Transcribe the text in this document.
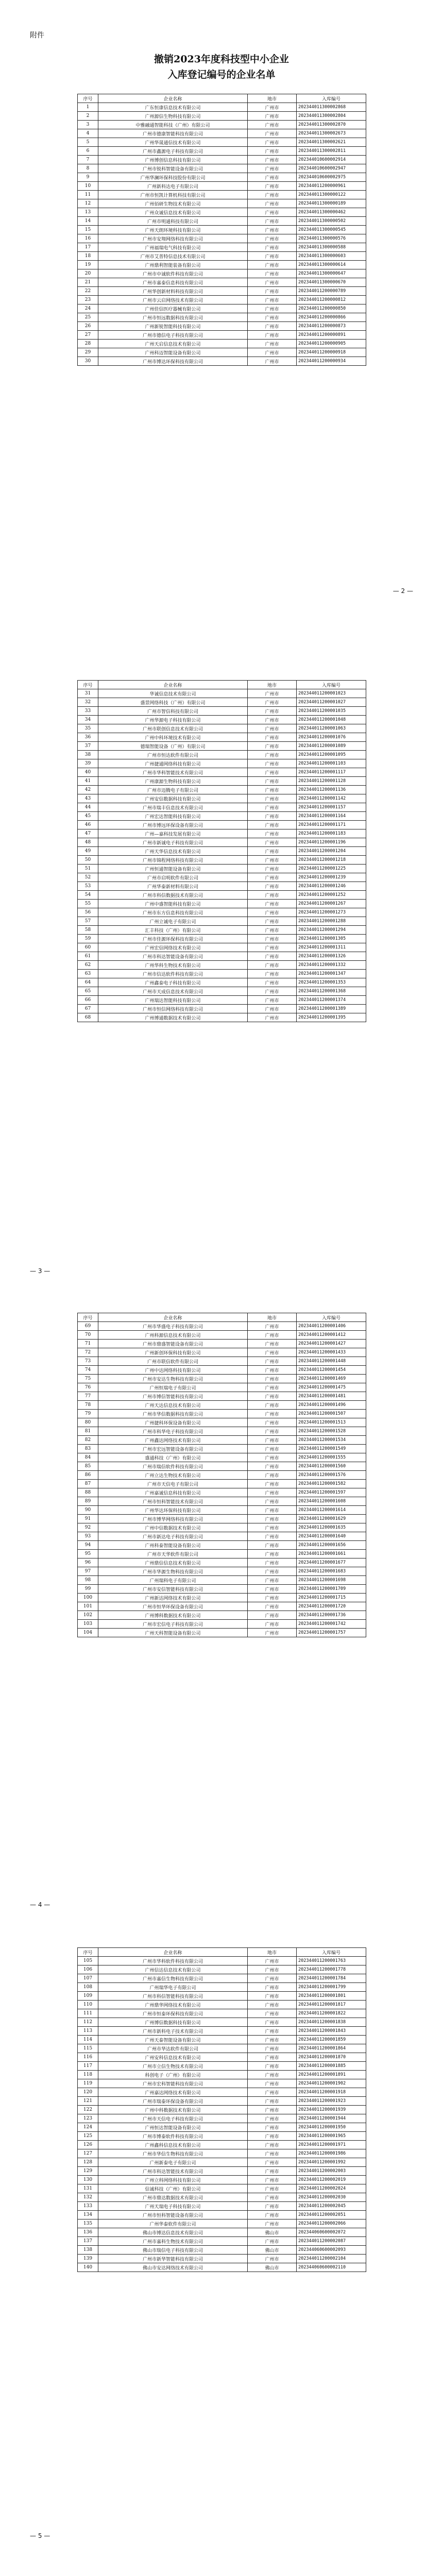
附件
撤销2023年度科技型中小企业
入库登记编号的企业名单
序号	企业名称	地市	入库编号
1	广东恒康信息技术有限公司	广州市	202344011300002868
2	广州源信生物科技有限公司	广州市	202344011300002804
3	中雅融通智能科技（广州）有限公司	广州市	202344011300002870
4	广州市德康智能科技有限公司	广州市	202344011300002673
5	广州华晟通信技术有限公司	广州市	202344011300002621
6	广州市鑫源电子科技有限公司	广州市	202344011300002811
7	广州博创信息科技有限公司	广州市	202344010600002914
8	广州市锐科智能设备有限公司	广州市	202344010600002947
9	广州华澜环保科技股份有限公司	广州市	202344010600002975
10	广州新科达电子有限公司	广州市	202344011200000961
11	广州市恒凯计算机科技有限公司	广州市	202344011300000122
12	广州佰研生物技术有限公司	广州市	202344011300000189
13	广州众诚信息技术有限公司	广州市	202344011300000462
14	广州市明通科技有限公司	广州市	202344011300000502
15	广州天朗环境科技有限公司	广州市	202344011300000545
16	广州市安翔网络科技有限公司	广州市	202344011300000576
17	广州福瑞电气科技有限公司	广州市	202344011300000588
18	广州市艾普特信息技术有限公司	广州市	202344011300000603
19	广州鼎利智能装备有限公司	广州市	202344011300000614
20	广州市中诚软件科技有限公司	广州市	202344011300000647
21	广州市嘉泰信息科技有限公司	广州市	202344011300000670
22	广州华创新材料科技有限公司	广州市	202344011200000789
23	广州市云启网络技术有限公司	广州市	202344011200000812
24	广州佳信医疗器械有限公司	广州市	202344011200000850
25	广州市恒远数据科技有限公司	广州市	202344011200000866
26	广州新锐智能科技有限公司	广州市	202344011200000873
27	广州市德信电子科技有限公司	广州市	202344011200000891
28	广州天启信息技术有限公司	广州市	202344011200000905
29	广州科迈智能设备有限公司	广州市	202344011200000918
30	广州市博达环保科技有限公司	广州市	202344011200000934
— 2 —
序号	企业名称	地市	入库编号
31	华诚信息技术有限公司	广州市	202344011200001023
32	盛景网络科技（广州）有限公司	广州市	202344011200001027
33	广州市智信科技有限公司	广州市	202344011200001035
34	广州华源电子科技有限公司	广州市	202344011200001048
35	广州市联创信息技术有限公司	广州市	202344011200001063
36	广州中科环境技术有限公司	广州市	202344011200001076
37	德瑞智能设备（广州）有限公司	广州市	202344011200001089
38	广州市恒达软件有限公司	广州市	202344011200001095
39	广州捷通网络科技有限公司	广州市	202344011200001103
40	广州市华科智能技术有限公司	广州市	202344011200001117
41	广州康源生物科技有限公司	广州市	202344011200001128
42	广州市迈腾电子有限公司	广州市	202344011200001136
43	广州安信数据科技有限公司	广州市	202344011200001142
44	广州市瑞丰信息技术有限公司	广州市	202344011200001157
45	广州宏达智能科技有限公司	广州市	202344011200001164
46	广州市博远环保设备有限公司	广州市	202344011200001171
47	广州—嘉科技发展有限公司	广州市	202344011200001183
48	广州市新诚电子科技有限公司	广州市	202344011200001196
49	广州天华信息技术有限公司	广州市	202344011200001204
50	广州市锦程网络科技有限公司	广州市	202344011200001218
51	广州恒通智能设备有限公司	广州市	202344011200001225
52	广州市启明软件有限公司	广州市	202344011200001239
53	广州华泰新材料有限公司	广州市	202344011200001246
54	广州市科信数据技术有限公司	广州市	202344011200001252
55	广州中盛智能科技有限公司	广州市	202344011200001267
56	广州市东方信息科技有限公司	广州市	202344011200001273
57	广州立诚电子有限公司	广州市	202344011200001288
58	汇丰科技（广州）有限公司	广州市	202344011200001294
59	广州市佳源环保科技有限公司	广州市	202344011200001305
60	广州宏信网络技术有限公司	广州市	202344011200001311
61	广州市科达智能设备有限公司	广州市	202344011200001326
62	广州华科生物技术有限公司	广州市	202344011200001332
63	广州市信达软件科技有限公司	广州市	202344011200001347
64	广州鑫泰电子科技有限公司	广州市	202344011200001353
65	广州市天成信息技术有限公司	广州市	202344011200001368
66	广州瑞达智能科技有限公司	广州市	202344011200001374
67	广州市恒信网络科技有限公司	广州市	202344011200001389
68	广州博通数据技术有限公司	广州市	202344011200001395
— 3 —
序号	企业名称	地市	入库编号
69	广州市华盛电子科技有限公司	广州市	202344011200001406
70	广州科源信息技术有限公司	广州市	202344011200001412
71	广州市鼎盛智能设备有限公司	广州市	202344011200001427
72	广州新创环保科技有限公司	广州市	202344011200001433
73	广州市联信软件有限公司	广州市	202344011200001448
74	广州中达网络科技有限公司	广州市	202344011200001454
75	广州市安达生物科技有限公司	广州市	202344011200001469
76	广州恒瑞电子有限公司	广州市	202344011200001475
77	广州市博信智能科技有限公司	广州市	202344011200001481
78	广州天达信息技术有限公司	广州市	202344011200001496
79	广州市华信数据科技有限公司	广州市	202344011200001507
80	广州捷科环保设备有限公司	广州市	202344011200001513
81	广州市科华电子科技有限公司	广州市	202344011200001528
82	广州鑫达网络技术有限公司	广州市	202344011200001534
83	广州市宏远智能设备有限公司	广州市	202344011200001549
84	盛通科技（广州）有限公司	广州市	202344011200001555
85	广州市瑞信软件科技有限公司	广州市	202344011200001560
86	广州立达生物技术有限公司	广州市	202344011200001576
87	广州市天信电子有限公司	广州市	202344011200001582
88	广州嘉诚信息科技有限公司	广州市	202344011200001597
89	广州市恒科智能技术有限公司	广州市	202344011200001608
90	广州华达环保科技有限公司	广州市	202344011200001614
91	广州市博华网络科技有限公司	广州市	202344011200001629
92	广州中信数据技术有限公司	广州市	202344011200001635
93	广州市新达电子科技有限公司	广州市	202344011200001640
94	广州科泰智能设备有限公司	广州市	202344011200001656
95	广州市天华软件有限公司	广州市	202344011200001661
96	广州鼎信信息技术有限公司	广州市	202344011200001677
97	广州市华源生物科技有限公司	广州市	202344011200001683
98	广州瑞科电子有限公司	广州市	202344011200001698
99	广州市安信智能科技有限公司	广州市	202344011200001709
100	广州新达网络技术有限公司	广州市	202344011200001715
101	广州市恒华环保设备有限公司	广州市	202344011200001720
102	广州博科数据技术有限公司	广州市	202344011200001736
103	广州市宏信电子科技有限公司	广州市	202344011200001742
104	广州天科智能设备有限公司	广州市	202344011200001757
— 4 —
序号	企业名称	地市	入库编号
105	广州市华科软件科技有限公司	广州市	202344011200001763
106	广州信达信息技术有限公司	广州市	202344011200001778
107	广州市嘉信生物科技有限公司	广州市	202344011200001784
108	广州瑞华电子有限公司	广州市	202344011200001799
109	广州市科信智能科技有限公司	广州市	202344011200001801
110	广州鼎华网络技术有限公司	广州市	202344011200001817
111	广州市恒泰环保科技有限公司	广州市	202344011200001822
112	广州博信数据科技有限公司	广州市	202344011200001838
113	广州市新科电子技术有限公司	广州市	202344011200001843
114	广州天泰智能设备有限公司	广州市	202344011200001859
115	广州市华达软件有限公司	广州市	202344011200001864
116	广州安科信息技术有限公司	广州市	202344011200001870
117	广州市立信生物技术有限公司	广州市	202344011200001885
118	科创电子（广州）有限公司	广州市	202344011200001891
119	广州市宏科智能科技有限公司	广州市	202344011200001902
120	广州嘉达网络技术有限公司	广州市	202344011200001918
121	广州市瑞泰环保设备有限公司	广州市	202344011200001923
122	广州中科数据技术有限公司	广州市	202344011200001939
123	广州市天信电子科技有限公司	广州市	202344011200001944
124	广州恒达智能设备有限公司	广州市	202344011200001950
125	广州市博泰软件科技有限公司	广州市	202344011200001965
126	广州鑫科信息技术有限公司	广州市	202344011200001971
127	广州市华信生物科技有限公司	广州市	202344011200001986
128	广州新泰电子有限公司	广州市	202344011200001992
129	广州市科达智能技术有限公司	广州市	202344011200002003
130	广州立科网络科技有限公司	广州市	202344011200002019
131	信诚科技（广州）有限公司	广州市	202344011200002024
132	广州市鼎达数据技术有限公司	广州市	202344011200002030
133	广州天瑞电子科技有限公司	广州市	202344011200002045
134	广州市恒科智能设备有限公司	广州市	202344011200002051
135	广州华泰软件有限公司	广州市	202344011200002066
136	佛山市博达信息技术有限公司	佛山市	202344060600002072
137	广州市嘉科生物技术有限公司	广州市	202344011200002087
138	佛山市瑞信电子科技有限公司	佛山市	202344060600002093
139	广州市新华智能科技有限公司	广州市	202344011200002104
140	佛山市安达网络技术有限公司	佛山市	202344060600002110
— 5 —
